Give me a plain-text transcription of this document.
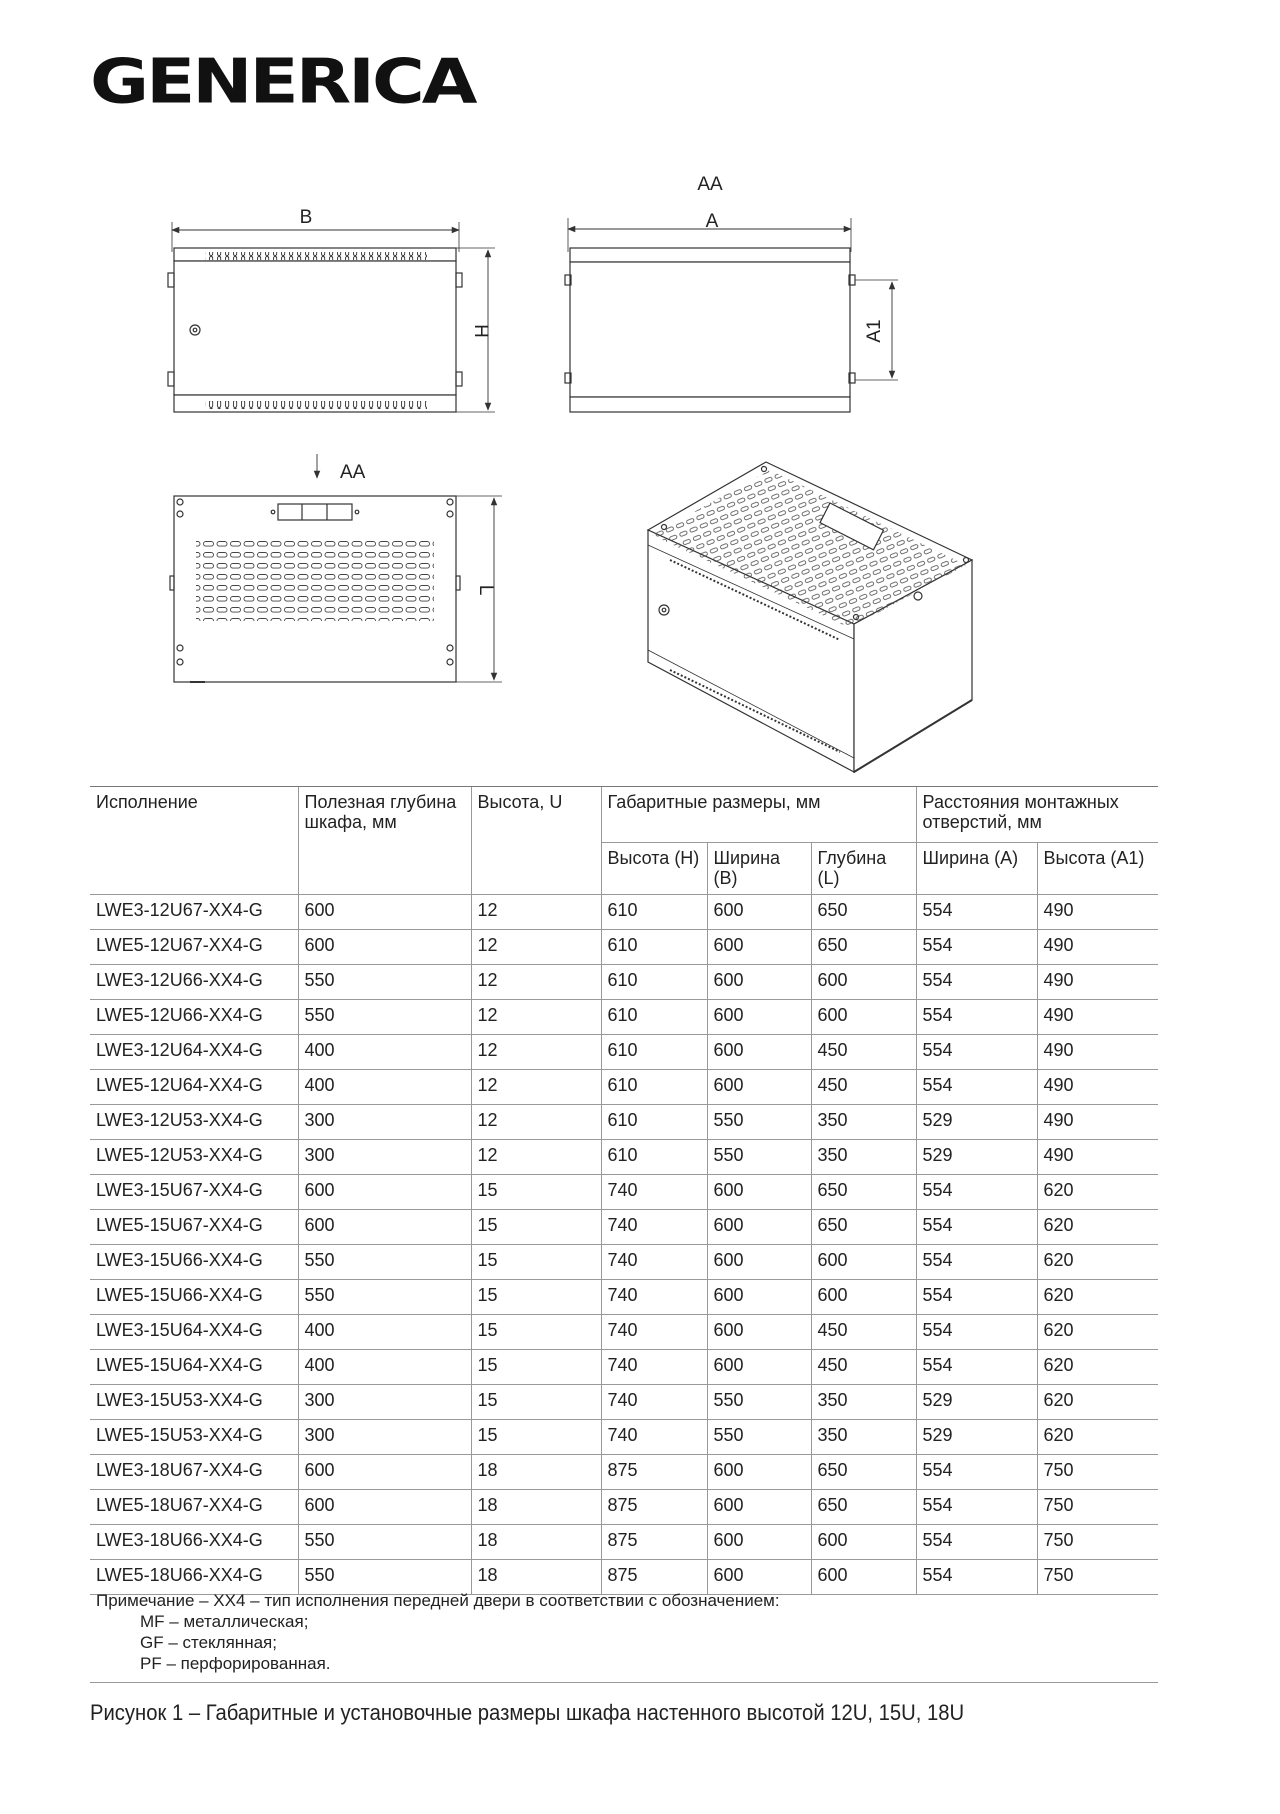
GENERICA
B
H
AA
A
A1
AA
L
Исполнение	Полезная глубина шкафа, мм	Высота, U	Габаритные размеры, мм			Расстояния монтажных отверстий, мм	
			Высота (H)	Ширина (B)	Глубина (L)	Ширина (A)	Высота (A1)
LWE3-12U67-XX4-G	600	12	610	600	650	554	490
LWE5-12U67-XX4-G	600	12	610	600	650	554	490
LWE3-12U66-XX4-G	550	12	610	600	600	554	490
LWE5-12U66-XX4-G	550	12	610	600	600	554	490
LWE3-12U64-XX4-G	400	12	610	600	450	554	490
LWE5-12U64-XX4-G	400	12	610	600	450	554	490
LWE3-12U53-XX4-G	300	12	610	550	350	529	490
LWE5-12U53-XX4-G	300	12	610	550	350	529	490
LWE3-15U67-XX4-G	600	15	740	600	650	554	620
LWE5-15U67-XX4-G	600	15	740	600	650	554	620
LWE3-15U66-XX4-G	550	15	740	600	600	554	620
LWE5-15U66-XX4-G	550	15	740	600	600	554	620
LWE3-15U64-XX4-G	400	15	740	600	450	554	620
LWE5-15U64-XX4-G	400	15	740	600	450	554	620
LWE3-15U53-XX4-G	300	15	740	550	350	529	620
LWE5-15U53-XX4-G	300	15	740	550	350	529	620
LWE3-18U67-XX4-G	600	18	875	600	650	554	750
LWE5-18U67-XX4-G	600	18	875	600	650	554	750
LWE3-18U66-XX4-G	550	18	875	600	600	554	750
LWE5-18U66-XX4-G	550	18	875	600	600	554	750
Примечание – XX4 – тип исполнения передней двери в соответствии с обозначением:
MF – металлическая;
GF – стеклянная;
PF – перфорированная.
Рисунок 1 – Габаритные и установочные размеры шкафа настенного высотой 12U, 15U, 18U
